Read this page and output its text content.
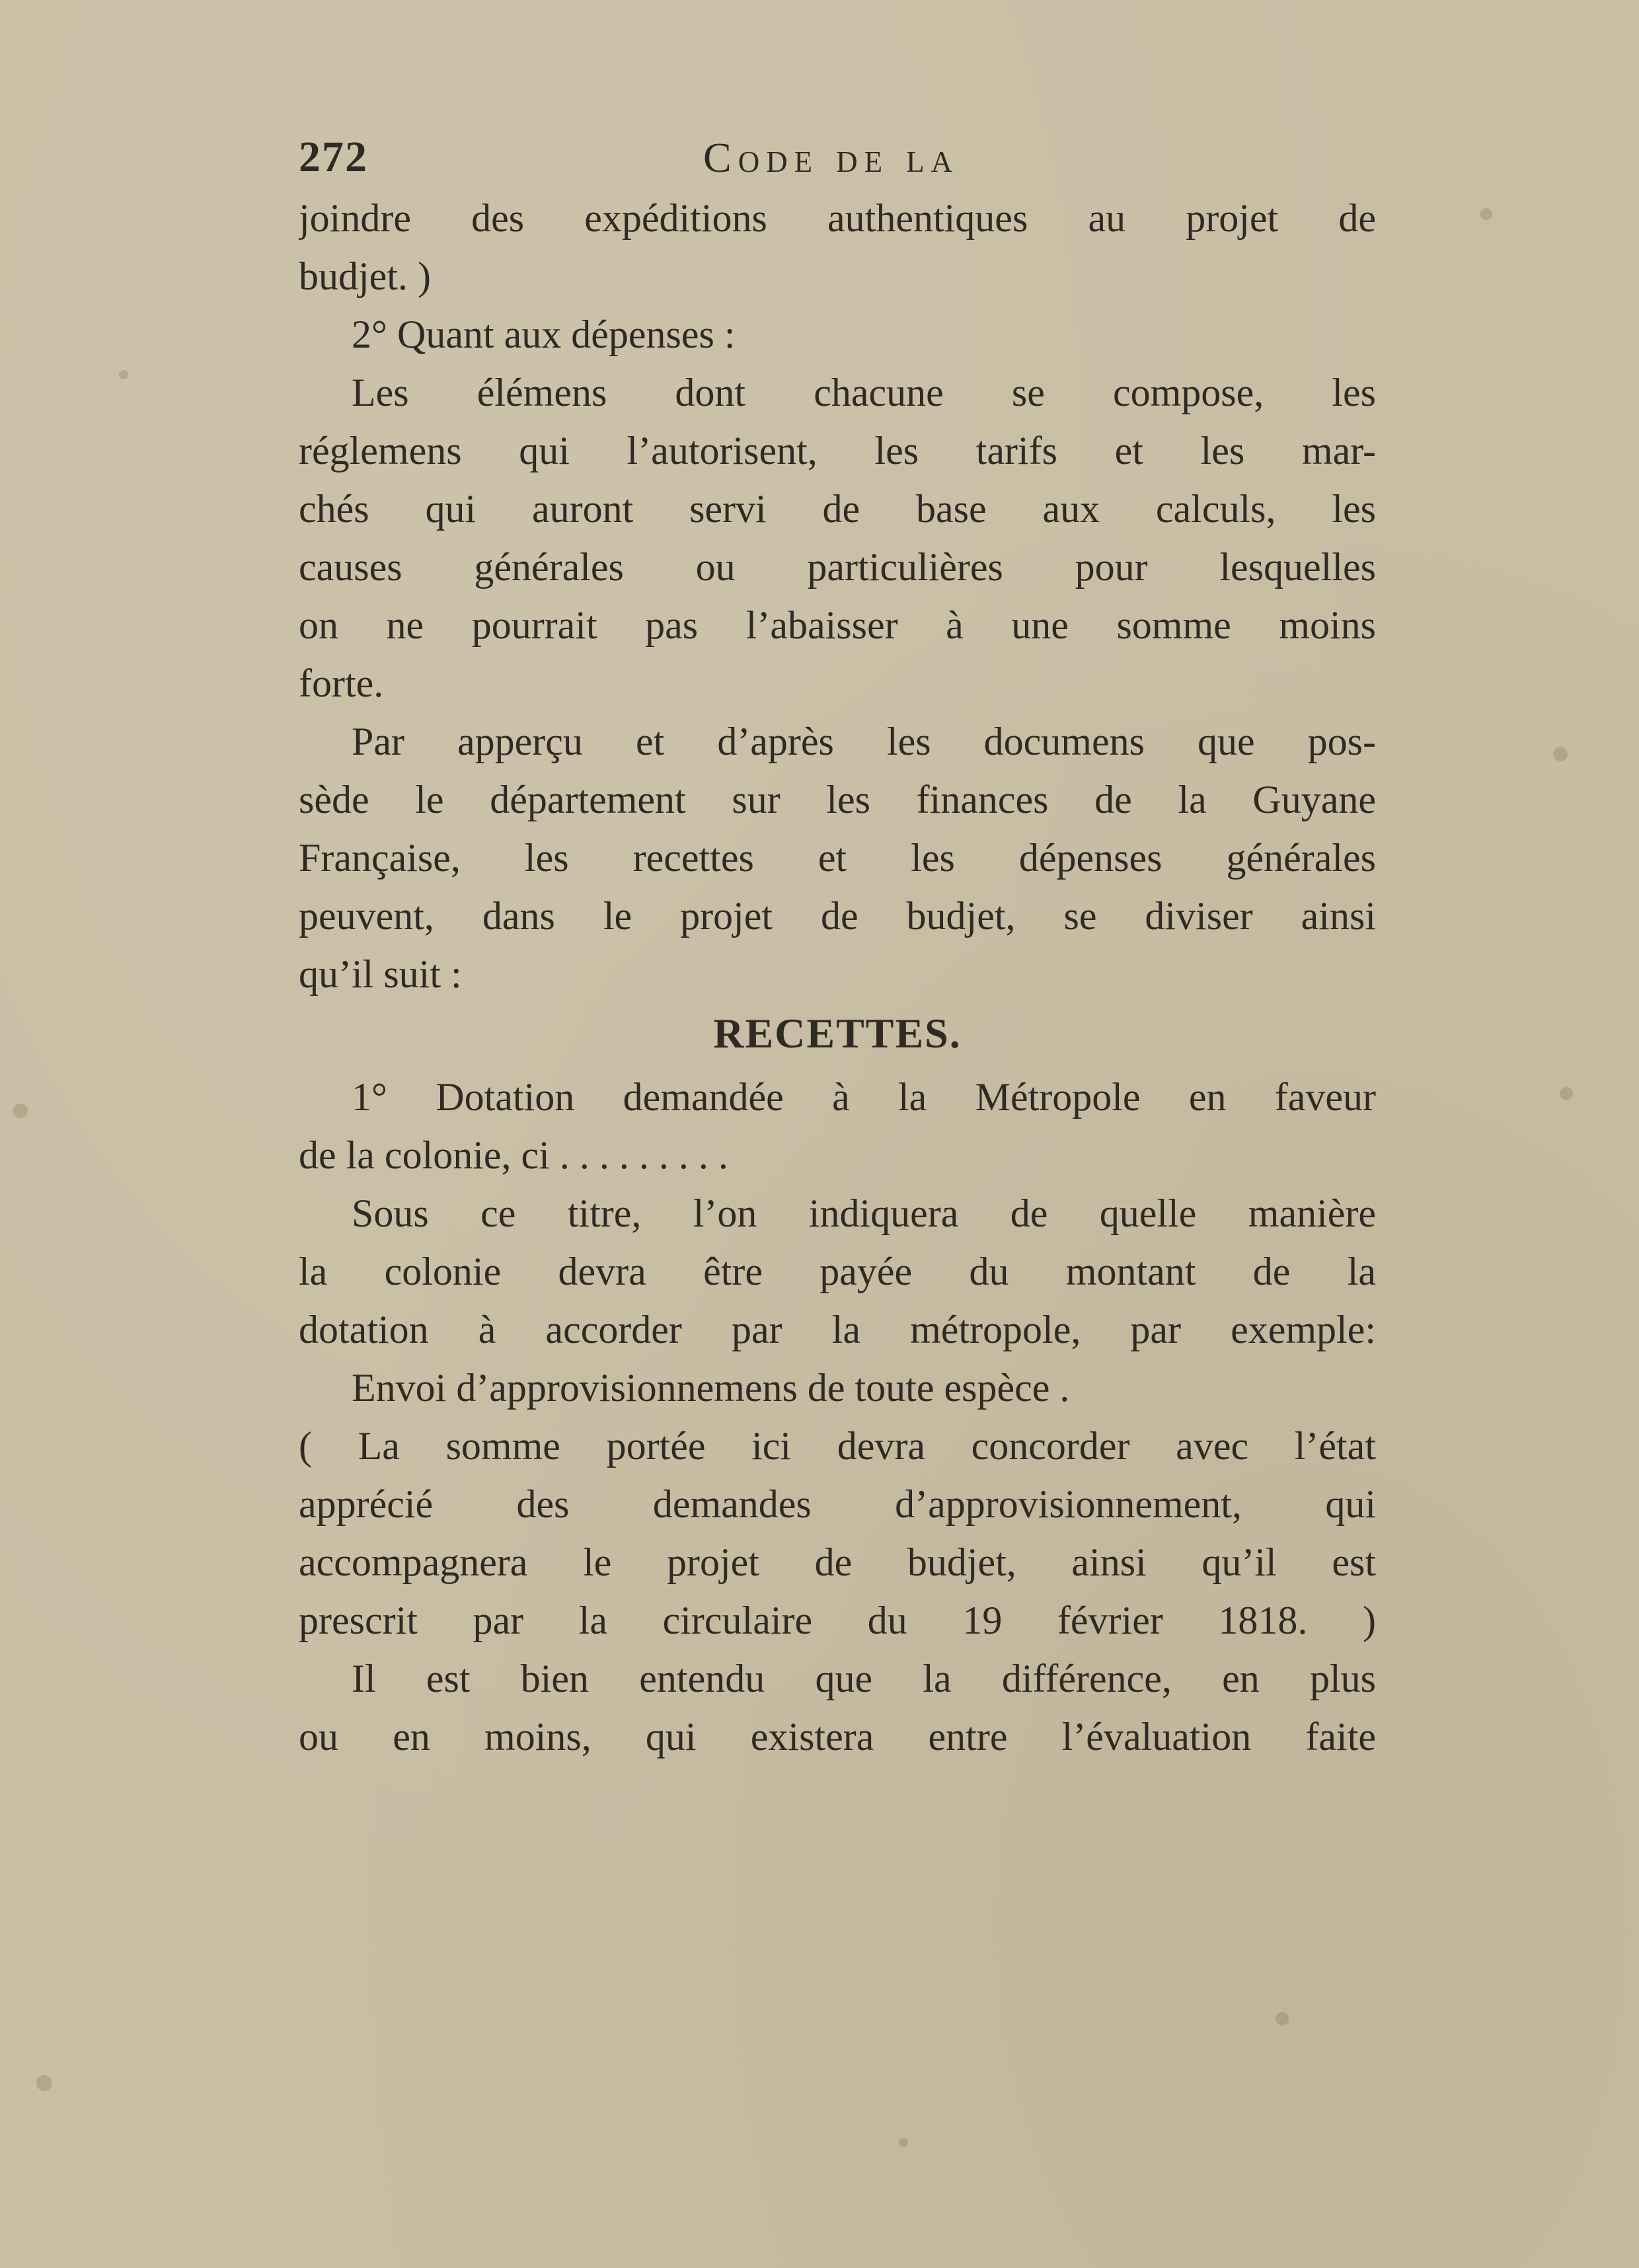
272	Code de la
joindre des expéditions authentiques au projet de
budjet. )
2° Quant aux dépenses :
Les élémens dont chacune se compose, les
réglemens qui l’autorisent, les tarifs et les mar-
chés qui auront servi de base aux calculs, les
causes générales ou particulières pour lesquelles
on ne pourrait pas l’abaisser à une somme moins
forte.
Par apperçu et d’après les documens que pos-
sède le département sur les finances de la Guyane
Française, les recettes et les dépenses générales
peuvent, dans le projet de budjet, se diviser ainsi
qu’il suit :
RECETTES.
1° Dotation demandée à la Métropole en faveur
de la colonie, ci . . . . . . . . .
Sous ce titre, l’on indiquera de quelle manière
la colonie devra être payée du montant de la
dotation à accorder par la métropole, par exemple:
Envoi d’approvisionnemens de toute espèce .
( La somme portée ici devra concorder avec l’état
apprécié des demandes d’approvisionnement, qui
accompagnera le projet de budjet, ainsi qu’il est
prescrit par la circulaire du 19 février 1818. )
Il est bien entendu que la différence, en plus
ou en moins, qui existera entre l’évaluation faite
